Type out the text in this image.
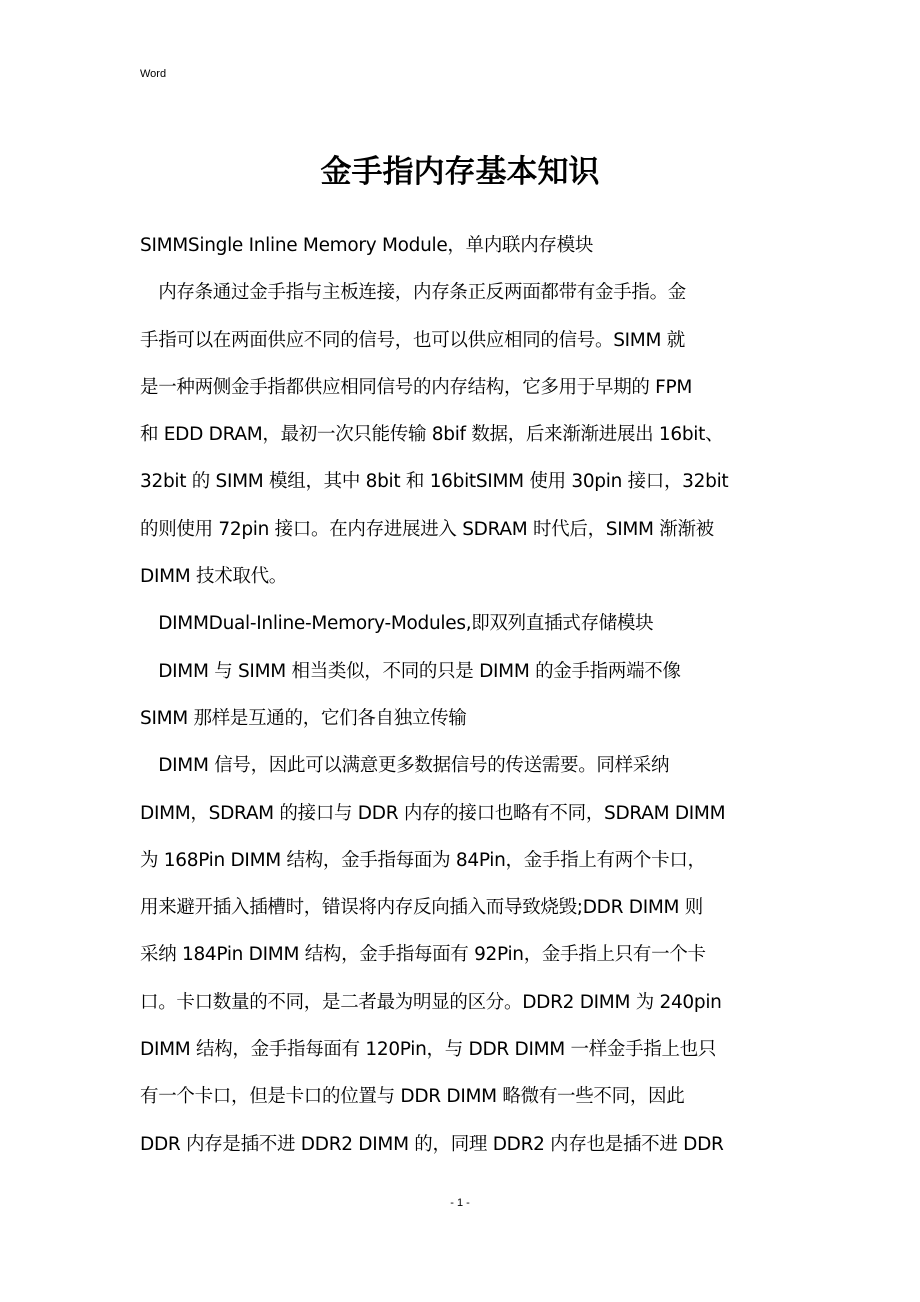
Word
金手指内存基本知识
SIMMSingle Inline Memory Module，单内联内存模块
　内存条通过金手指与主板连接，内存条正反两面都带有金手指。金
手指可以在两面供应不同的信号，也可以供应相同的信号。SIMM 就
是一种两侧金手指都供应相同信号的内存结构，它多用于早期的 FPM
和 EDD DRAM，最初一次只能传输 8bif 数据，后来渐渐进展出 16bit、
32bit 的 SIMM 模组，其中 8bit 和 16bitSIMM 使用 30pin 接口，32bit
的则使用 72pin 接口。在内存进展进入 SDRAM 时代后，SIMM 渐渐被
DIMM 技术取代。
　DIMMDual-Inline-Memory-Modules,即双列直插式存储模块
　DIMM 与 SIMM 相当类似，不同的只是 DIMM 的金手指两端不像
SIMM 那样是互通的，它们各自独立传输
　DIMM 信号，因此可以满意更多数据信号的传送需要。同样采纳
DIMM，SDRAM 的接口与 DDR 内存的接口也略有不同，SDRAM DIMM
为 168Pin DIMM 结构，金手指每面为 84Pin，金手指上有两个卡口，
用来避开插入插槽时，错误将内存反向插入而导致烧毁;DDR DIMM 则
采纳 184Pin DIMM 结构，金手指每面有 92Pin，金手指上只有一个卡
口。卡口数量的不同，是二者最为明显的区分。DDR2 DIMM 为 240pin
DIMM 结构，金手指每面有 120Pin，与 DDR DIMM 一样金手指上也只
有一个卡口，但是卡口的位置与 DDR DIMM 略微有一些不同，因此
DDR 内存是插不进 DDR2 DIMM 的，同理 DDR2 内存也是插不进 DDR
- 1 -
